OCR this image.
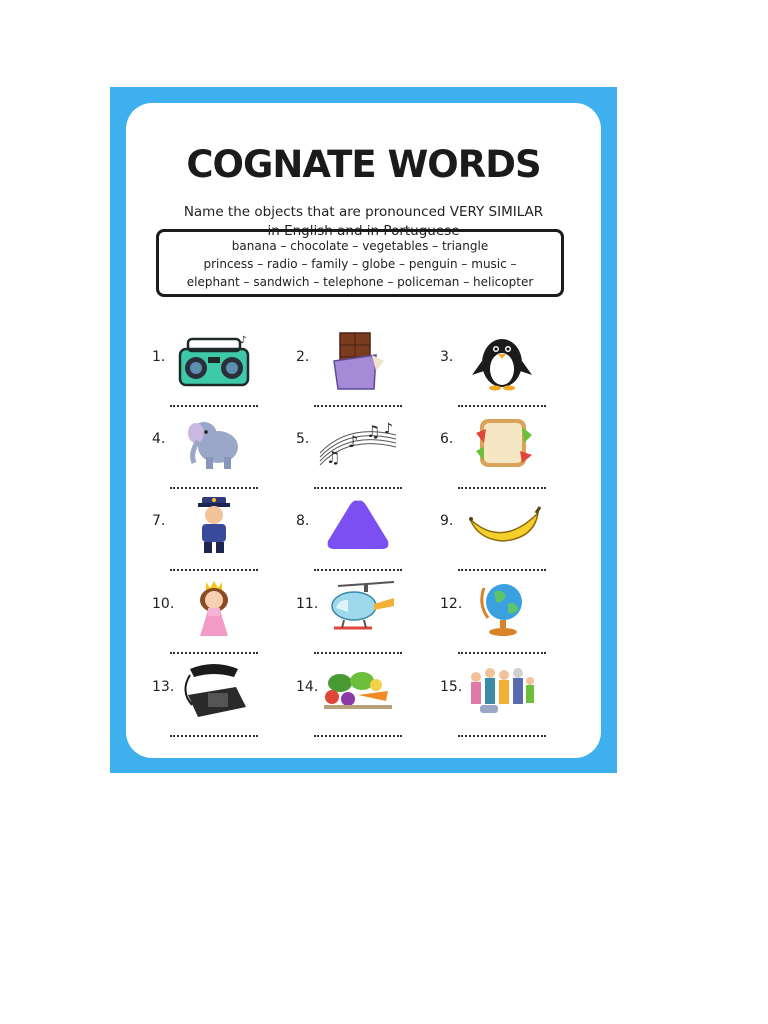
COGNATE WORDS
Name the objects that are pronounced VERY SIMILAR
in English and in Portuguese
banana – chocolate – vegetables – triangle
princess – radio – family – globe – penguin – music –
elephant – sandwich – telephone – policeman – helicopter
1.
♪
2.	3.
4.	5.
♫
♪
♫ ♪
6.
7.	8.	9.
10.	11.	12.
13.	14.	15.
